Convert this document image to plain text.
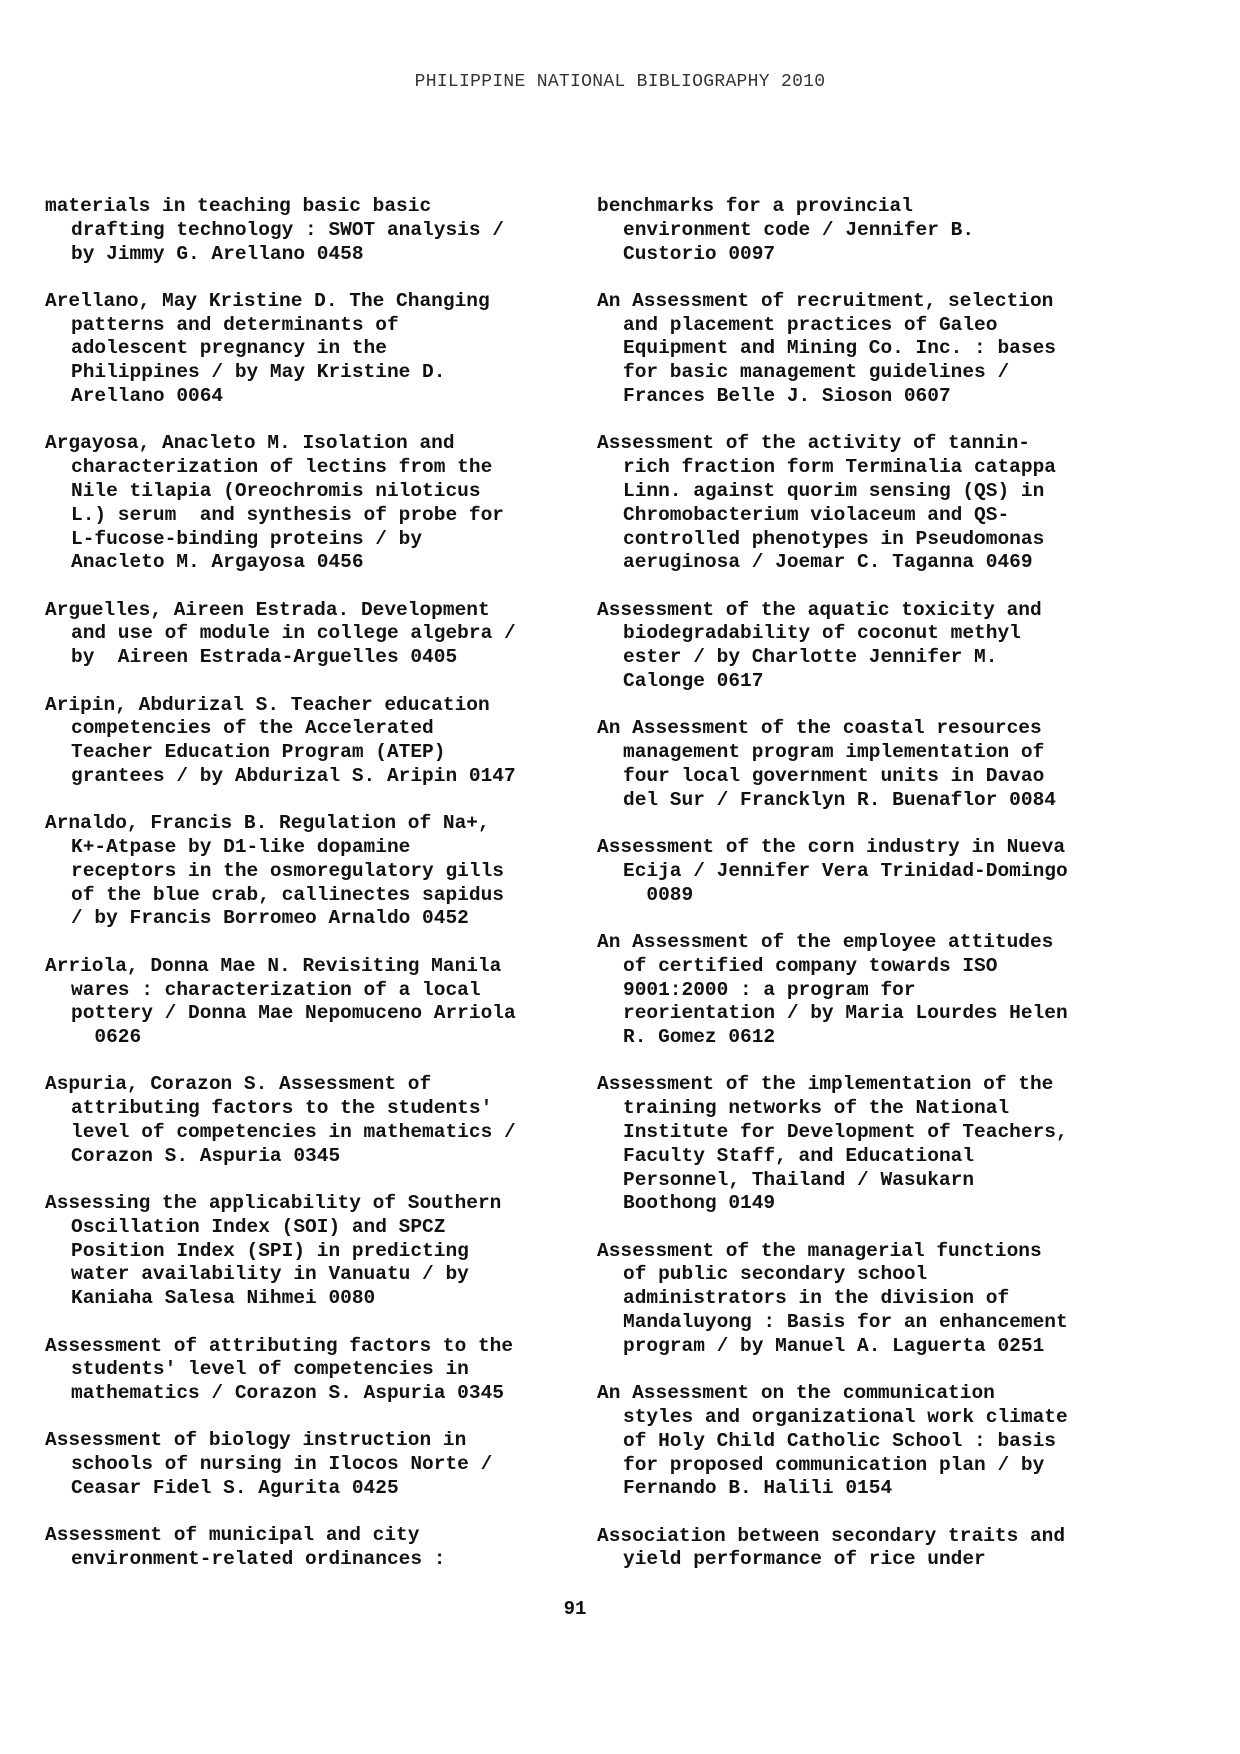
PHILIPPINE NATIONAL BIBLIOGRAPHY 2010
materials in teaching basic basic
drafting technology : SWOT analysis /
by Jimmy G. Arellano 0458
Arellano, May Kristine D. The Changing
patterns and determinants of
adolescent pregnancy in the
Philippines / by May Kristine D.
Arellano 0064
Argayosa, Anacleto M. Isolation and
characterization of lectins from the
Nile tilapia (Oreochromis niloticus
L.) serum  and synthesis of probe for
L-fucose-binding proteins / by
Anacleto M. Argayosa 0456
Arguelles, Aireen Estrada. Development
and use of module in college algebra /
by  Aireen Estrada-Arguelles 0405
Aripin, Abdurizal S. Teacher education
competencies of the Accelerated
Teacher Education Program (ATEP)
grantees / by Abdurizal S. Aripin 0147
Arnaldo, Francis B. Regulation of Na+,
K+-Atpase by D1-like dopamine
receptors in the osmoregulatory gills
of the blue crab, callinectes sapidus
/ by Francis Borromeo Arnaldo 0452
Arriola, Donna Mae N. Revisiting Manila
wares : characterization of a local
pottery / Donna Mae Nepomuceno Arriola
0626
Aspuria, Corazon S. Assessment of
attributing factors to the students'
level of competencies in mathematics /
Corazon S. Aspuria 0345
Assessing the applicability of Southern
Oscillation Index (SOI) and SPCZ
Position Index (SPI) in predicting
water availability in Vanuatu / by
Kaniaha Salesa Nihmei 0080
Assessment of attributing factors to the
students' level of competencies in
mathematics / Corazon S. Aspuria 0345
Assessment of biology instruction in
schools of nursing in Ilocos Norte /
Ceasar Fidel S. Agurita 0425
Assessment of municipal and city
environment-related ordinances :
benchmarks for a provincial
environment code / Jennifer B.
Custorio 0097
An Assessment of recruitment, selection
and placement practices of Galeo
Equipment and Mining Co. Inc. : bases
for basic management guidelines /
Frances Belle J. Sioson 0607
Assessment of the activity of tannin-
rich fraction form Terminalia catappa
Linn. against quorim sensing (QS) in
Chromobacterium violaceum and QS-
controlled phenotypes in Pseudomonas
aeruginosa / Joemar C. Taganna 0469
Assessment of the aquatic toxicity and
biodegradability of coconut methyl
ester / by Charlotte Jennifer M.
Calonge 0617
An Assessment of the coastal resources
management program implementation of
four local government units in Davao
del Sur / Francklyn R. Buenaflor 0084
Assessment of the corn industry in Nueva
Ecija / Jennifer Vera Trinidad-Domingo
0089
An Assessment of the employee attitudes
of certified company towards ISO
9001:2000 : a program for
reorientation / by Maria Lourdes Helen
R. Gomez 0612
Assessment of the implementation of the
training networks of the National
Institute for Development of Teachers,
Faculty Staff, and Educational
Personnel, Thailand / Wasukarn
Boothong 0149
Assessment of the managerial functions
of public secondary school
administrators in the division of
Mandaluyong : Basis for an enhancement
program / by Manuel A. Laguerta 0251
An Assessment on the communication
styles and organizational work climate
of Holy Child Catholic School : basis
for proposed communication plan / by
Fernando B. Halili 0154
Association between secondary traits and
yield performance of rice under
91
